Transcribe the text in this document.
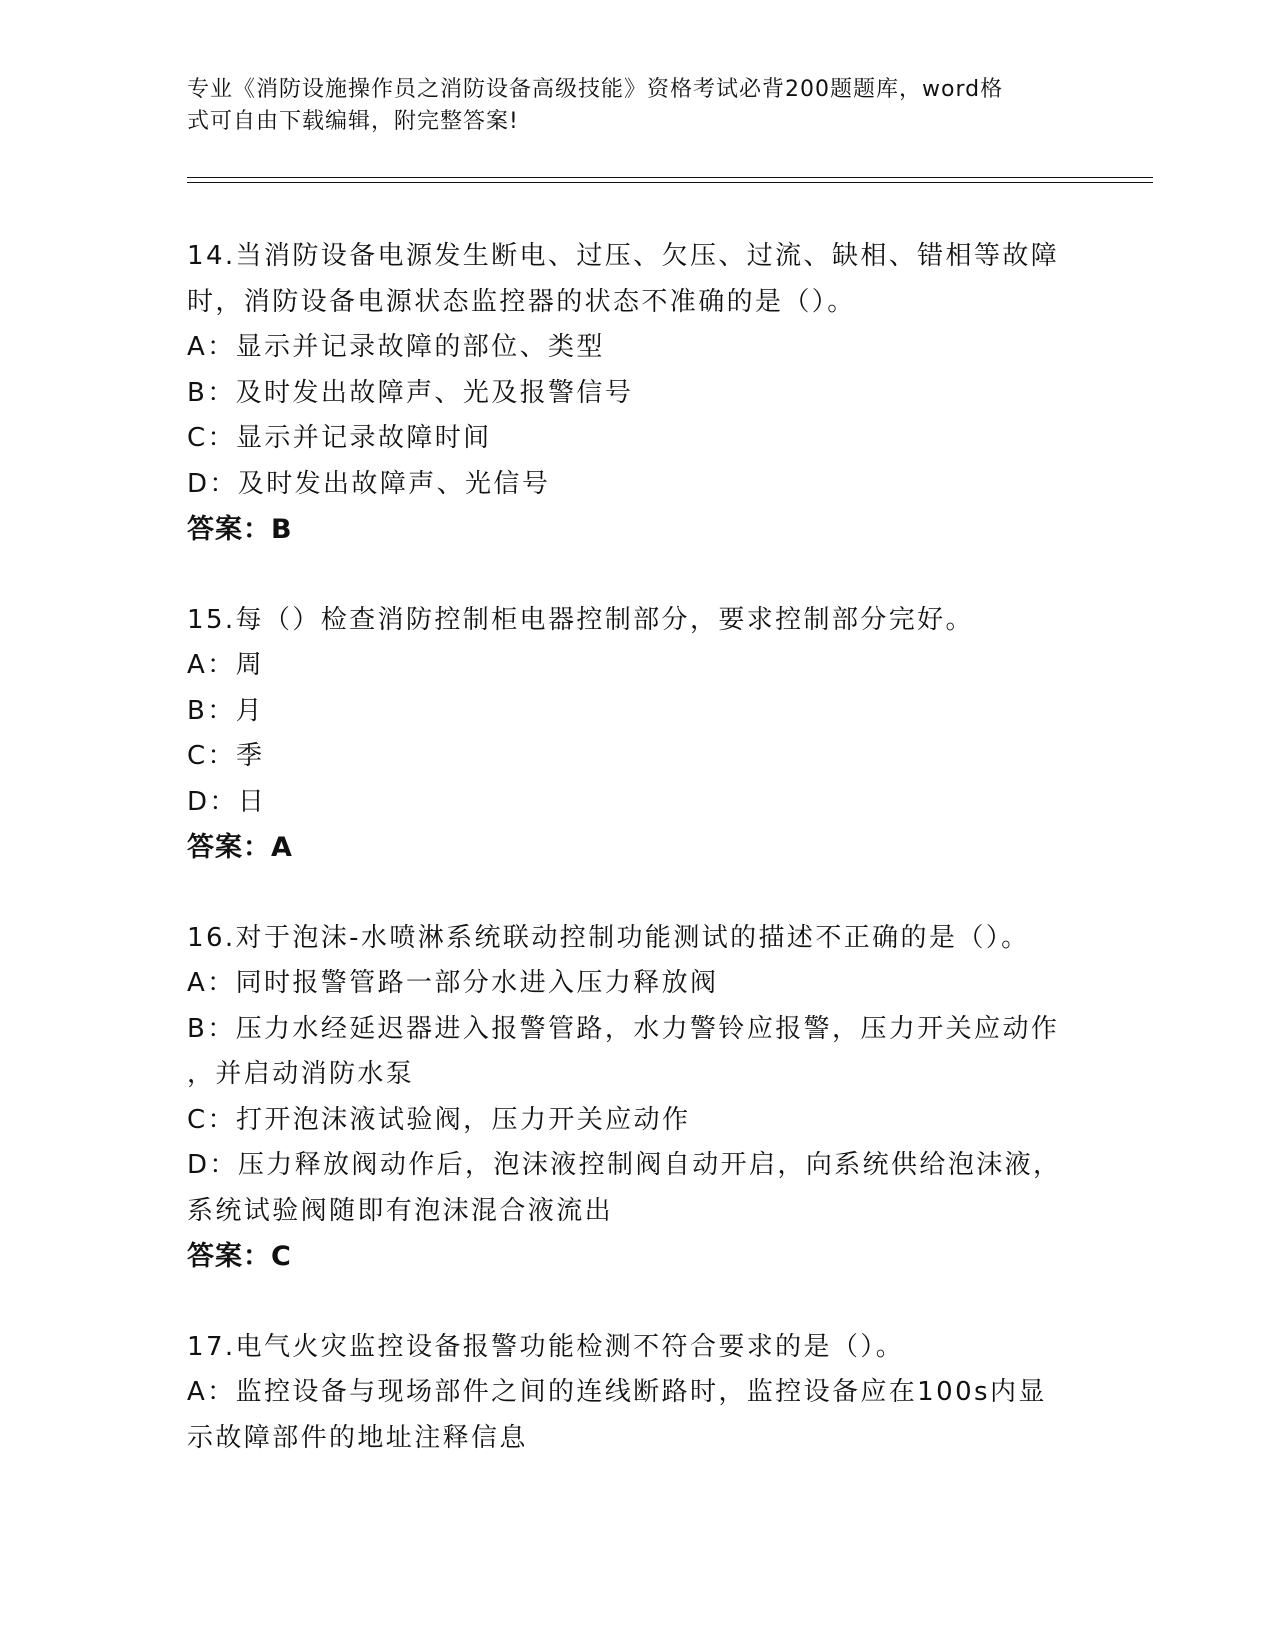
专业《消防设施操作员之消防设备高级技能》资格考试必背200题题库，word格
式可自由下载编辑，附完整答案!
14.当消防设备电源发生断电、过压、欠压、过流、缺相、错相等故障
时，消防设备电源状态监控器的状态不准确的是（）。
A：显示并记录故障的部位、类型
B：及时发出故障声、光及报警信号
C：显示并记录故障时间
D：及时发出故障声、光信号
答案：B
15.每（）检查消防控制柜电器控制部分，要求控制部分完好。
A：周
B：月
C：季
D：日
答案：A
16.对于泡沫-水喷淋系统联动控制功能测试的描述不正确的是（）。
A：同时报警管路一部分水进入压力释放阀
B：压力水经延迟器进入报警管路，水力警铃应报警，压力开关应动作
，并启动消防水泵
C：打开泡沫液试验阀，压力开关应动作
D：压力释放阀动作后，泡沫液控制阀自动开启，向系统供给泡沫液，
系统试验阀随即有泡沫混合液流出
答案：C
17.电气火灾监控设备报警功能检测不符合要求的是（）。
A：监控设备与现场部件之间的连线断路时，监控设备应在100s内显
示故障部件的地址注释信息
